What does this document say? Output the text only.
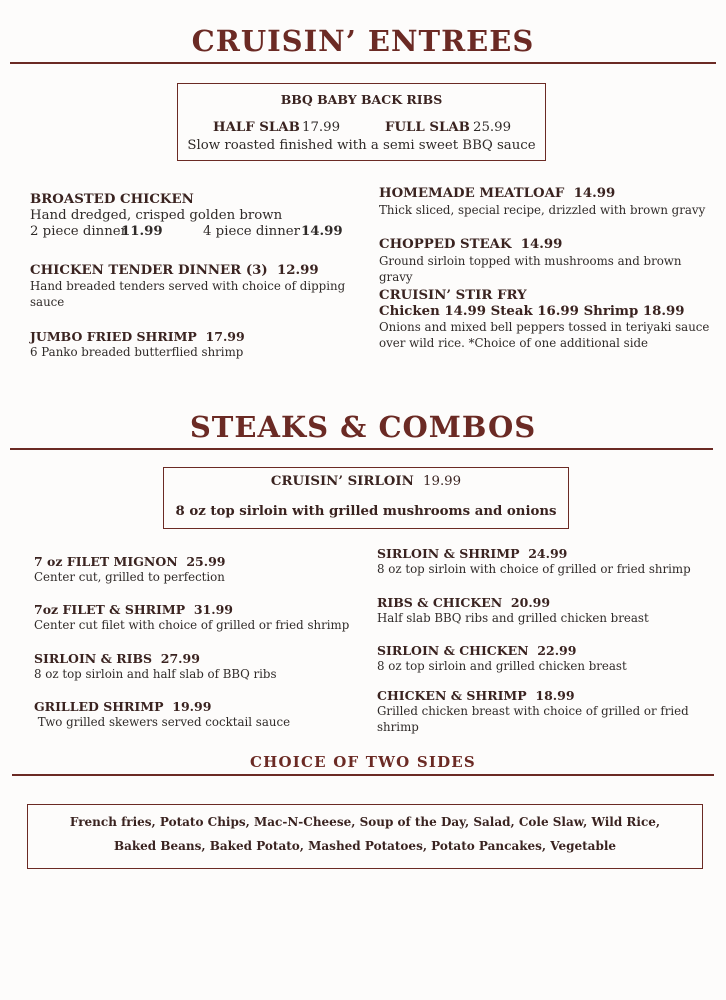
CRUISIN’ ENTREES
BBQ BABY BACK RIBS
HALF SLAB 17.99	FULL SLAB 25.99
Slow roasted finished with a semi sweet BBQ sauce
BROASTED CHICKEN
Hand dredged, crisped golden brown
2 piece dinner
11.99	4 piece dinner 14.99
CHICKEN TENDER DINNER (3) 12.99
Hand breaded tenders served with choice of dipping
sauce
JUMBO FRIED SHRIMP 17.99
6 Panko breaded butterflied shrimp
HOMEMADE MEATLOAF 14.99
Thick sliced, special recipe, drizzled with brown gravy
CHOPPED STEAK 14.99
Ground sirloin topped with mushrooms and brown gravy
CRUISIN’ STIR FRY
Chicken 14.99 Steak 16.99 Shrimp 18.99
Onions and mixed bell peppers tossed in teriyaki sauce
over wild rice. *Choice of one additional side
STEAKS & COMBOS
CRUISIN’ SIRLOIN 19.99
8 oz top sirloin with grilled mushrooms and onions
7 oz FILET MIGNON 25.99
Center cut, grilled to perfection
7oz FILET & SHRIMP 31.99
Center cut filet with choice of grilled or fried shrimp
SIRLOIN & RIBS 27.99
8 oz top sirloin and half slab of BBQ ribs
GRILLED SHRIMP 19.99
Two grilled skewers served cocktail sauce
SIRLOIN & SHRIMP 24.99
8 oz top sirloin with choice of grilled or fried shrimp
RIBS & CHICKEN 20.99
Half slab BBQ ribs and grilled chicken breast
SIRLOIN & CHICKEN 22.99
8 oz top sirloin and grilled chicken breast
CHICKEN & SHRIMP 18.99
Grilled chicken breast with choice of grilled or fried
shrimp
CHOICE OF TWO SIDES
French fries, Potato Chips, Mac-N-Cheese, Soup of the Day, Salad, Cole Slaw, Wild Rice,
Baked Beans, Baked Potato, Mashed Potatoes, Potato Pancakes, Vegetable
